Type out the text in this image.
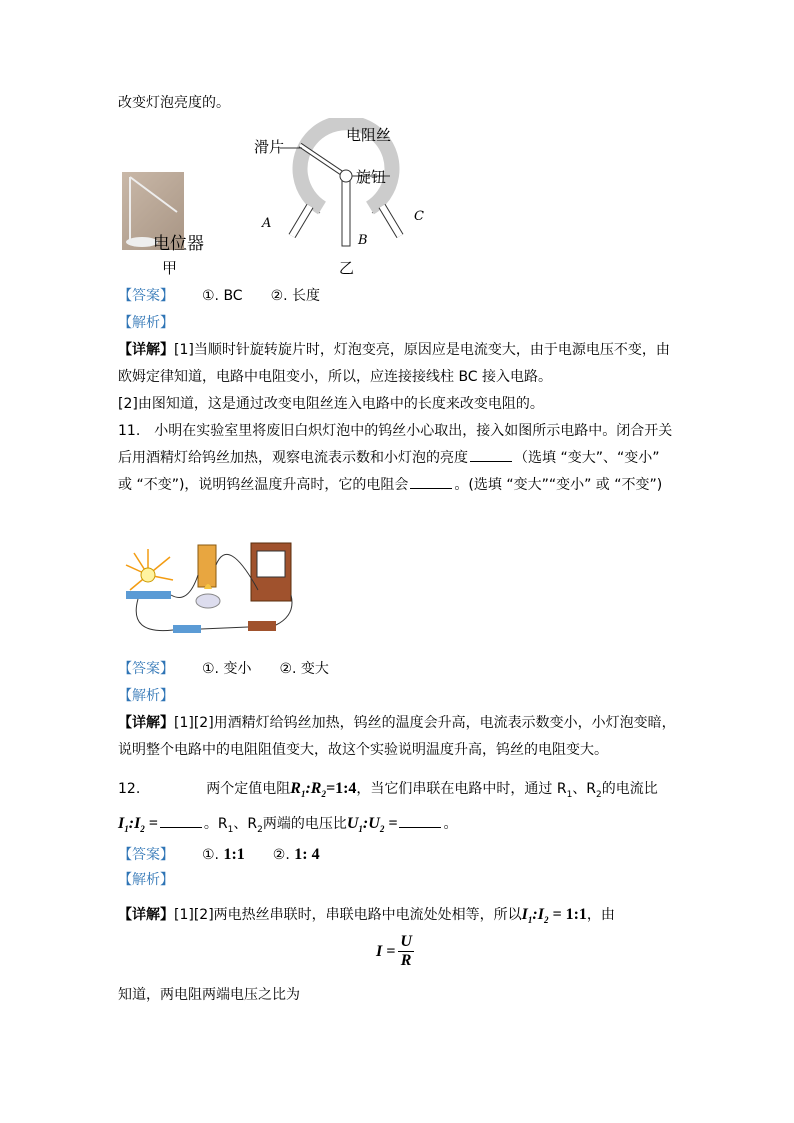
改变灯泡亮度的。
电位器
甲
滑片
电阻丝
旋钮
A
B
C
乙
【答案】 ①. BC ②. 长度
【解析】
【详解】[1]当顺时针旋转旋片时，灯泡变亮，原因应是电流变大，由于电源电压不变，由
欧姆定律知道，电路中电阻变小，所以，应连接接线柱 BC 接入电路。
[2]由图知道，这是通过改变电阻丝连入电路中的长度来改变电阻的。
11. 小明在实验室里将废旧白炽灯泡中的钨丝小心取出，接入如图所示电路中。闭合开关
后用酒精灯给钨丝加热，观察电流表示数和小灯泡的亮度	（选填 “变大”、“变小”
或 “不变”)，说明钨丝温度升高时，它的电阻会	。(选填 “变大”“变小” 或 “不变”)
【答案】 ①. 变小 ②. 变大
【解析】
【详解】[1][2]用酒精灯给钨丝加热，钨丝的温度会升高，电流表示数变小，小灯泡变暗，
说明整个电路中的电阻阻值变大，故这个实验说明温度升高，钨丝的电阻变大。
12.	两个定值电阻$R_1:R_2=1:4$，当它们串联在电路中时，通过 $R_1$、$R_2$的电流比
$I_1:I_2$ =	。$R_1$、$R_2$两端的电压比$U_1:U_2$ =	。
【答案】 ①. 1:1 ②. 1: 4
【解析】
【详解】[1][2]两电热丝串联时，串联电路中电流处处相等，所以$I_1:I_2$ = 1:1，由
$I = \frac{U}{R}$
知道，两电阻两端电压之比为
